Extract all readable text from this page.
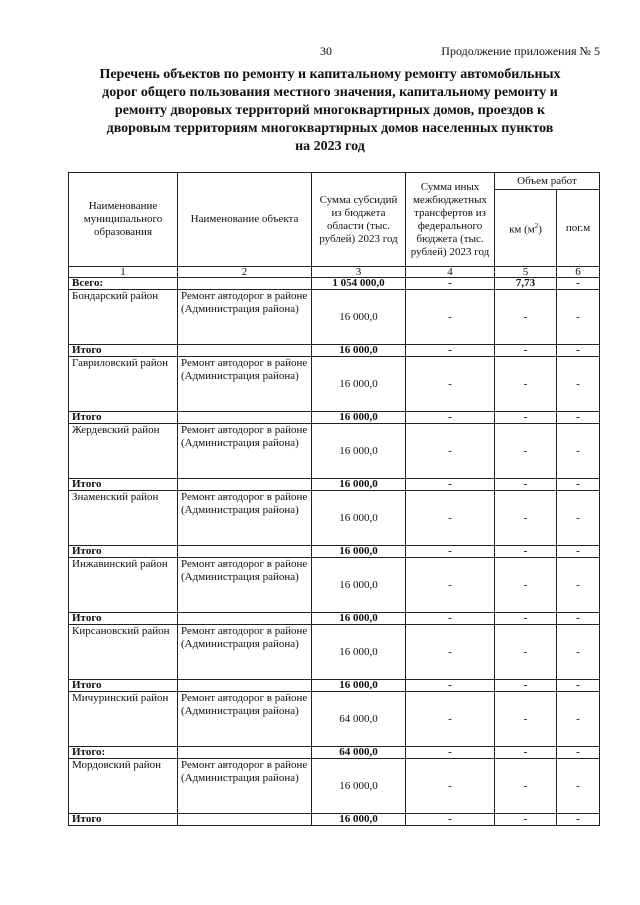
30	Продолжение приложения № 5
Перечень объектов по ремонту и капитальному ремонту автомобильных
дорог общего пользования местного значения, капитальному ремонту и
ремонту дворовых территорий многоквартирных домов, проездов к
дворовым территориям многоквартирных домов населенных пунктов
на 2023 год
Наименование муниципального образования	Наименование объекта	Сумма субсидий из бюджета области (тыс. рублей) 2023 год	Сумма иных межбюджетных трансфертов из федерального бюджета (тыс. рублей) 2023 год	Объем работ	
				км $(м^2)$	пог.м
1	2	3	4	5	6
Всего:		1 054 000,0	-	7,73	-
Бондарский район	Ремонт автодорог в районе (Администрация района)	16 000,0	-	-	-
Итого		16 000,0	-	-	-
Гавриловский район	Ремонт автодорог в районе (Администрация района)	16 000,0	-	-	-
Итого		16 000,0	-	-	-
Жердевский район	Ремонт автодорог в районе (Администрация района)	16 000,0	-	-	-
Итого		16 000,0	-	-	-
Знаменский район	Ремонт автодорог в районе (Администрация района)	16 000,0	-	-	-
Итого		16 000,0	-	-	-
Инжавинский район	Ремонт автодорог в районе (Администрация района)	16 000,0	-	-	-
Итого		16 000,0	-	-	-
Кирсановский район	Ремонт автодорог в районе (Администрация района)	16 000,0	-	-	-
Итого		16 000,0	-	-	-
Мичуринский район	Ремонт автодорог в районе (Администрация района)	64 000,0	-	-	-
Итого:		64 000,0	-	-	-
Мордовский район	Ремонт автодорог в районе (Администрация района)	16 000,0	-	-	-
Итого		16 000,0	-	-	-
